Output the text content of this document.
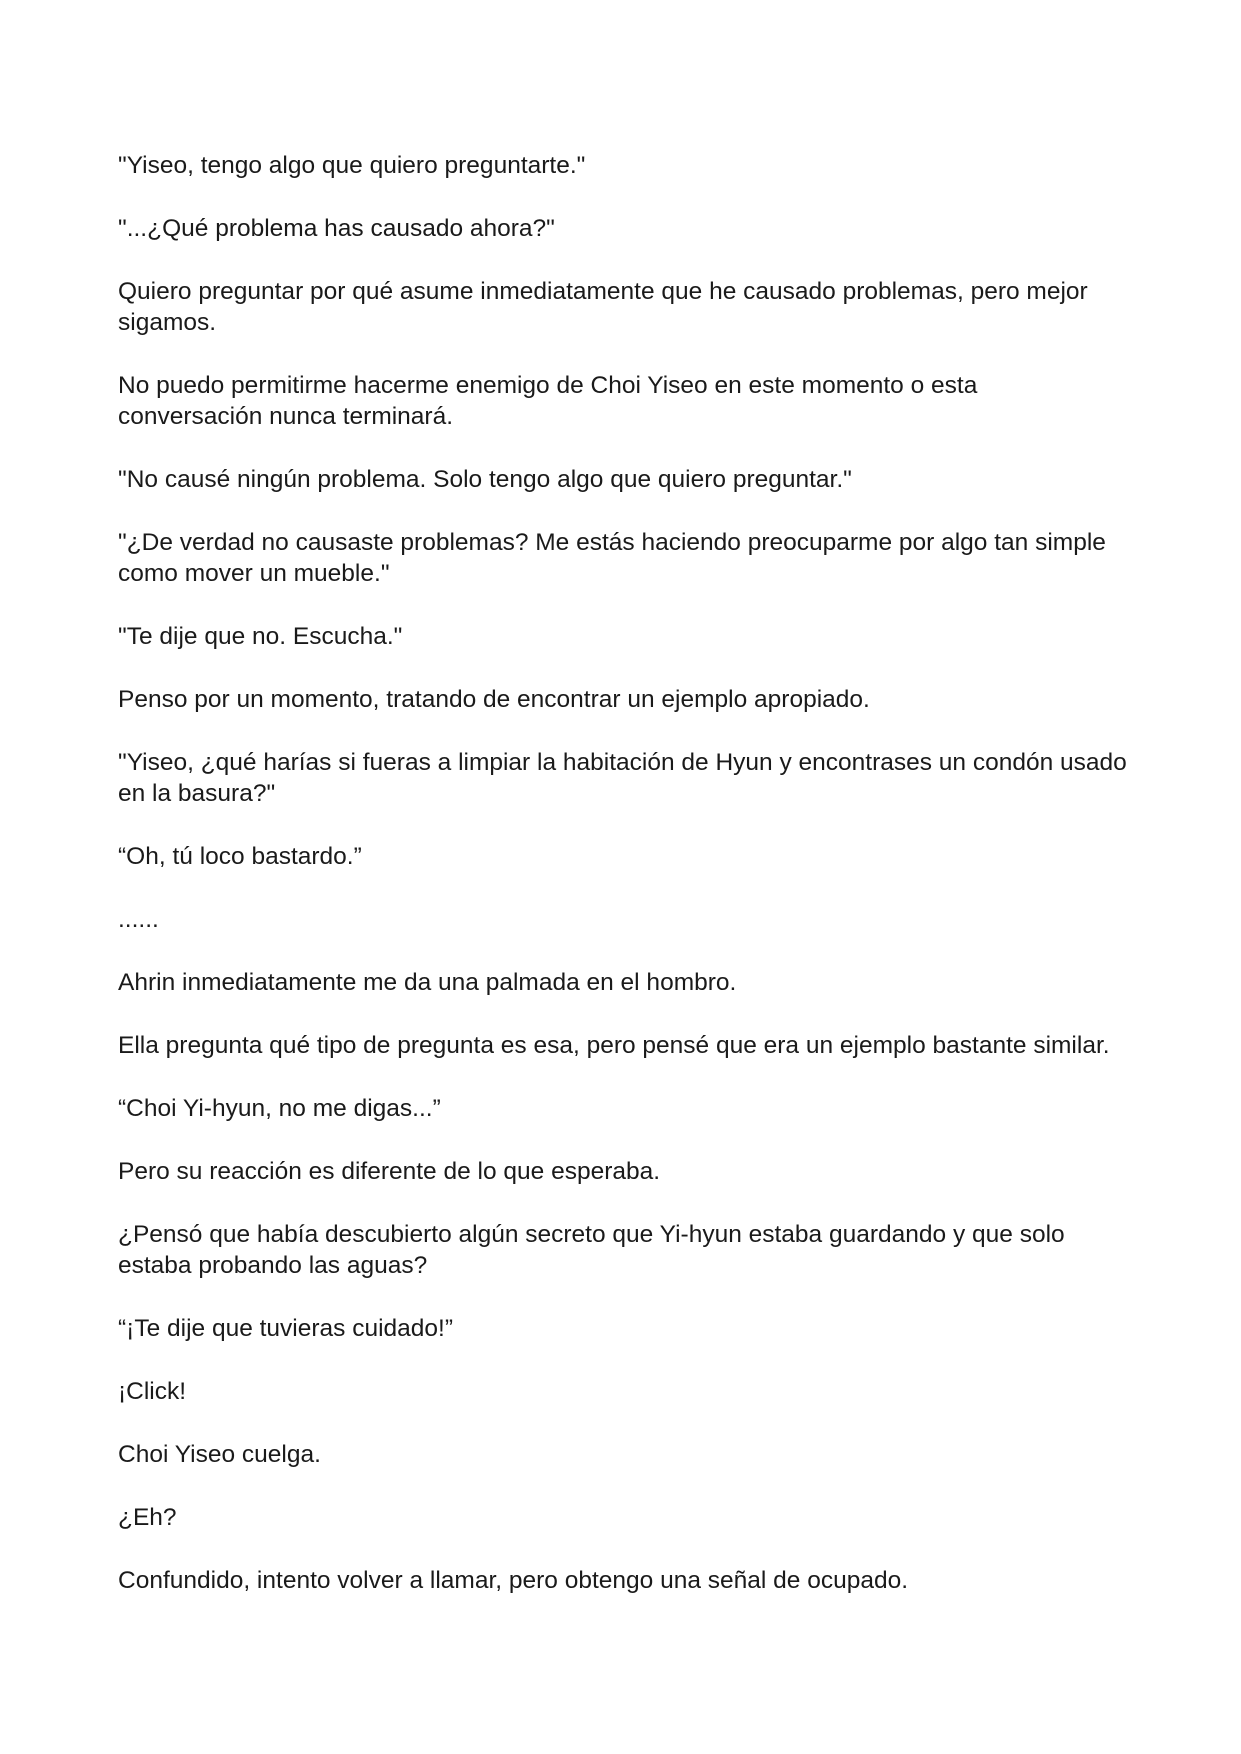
"Yiseo, tengo algo que quiero preguntarte."

"...¿Qué problema has causado ahora?"

Quiero preguntar por qué asume inmediatamente que he causado problemas, pero mejor sigamos.

No puedo permitirme hacerme enemigo de Choi Yiseo en este momento o esta conversación nunca terminará.

"No causé ningún problema. Solo tengo algo que quiero preguntar."

"¿De verdad no causaste problemas? Me estás haciendo preocuparme por algo tan simple como mover un mueble."

"Te dije que no. Escucha."

Penso por un momento, tratando de encontrar un ejemplo apropiado.

"Yiseo, ¿qué harías si fueras a limpiar la habitación de Hyun y encontrases un condón usado en la basura?"

“Oh, tú loco bastardo.”

......

Ahrin inmediatamente me da una palmada en el hombro.

Ella pregunta qué tipo de pregunta es esa, pero pensé que era un ejemplo bastante similar.

“Choi Yi-hyun, no me digas...”

Pero su reacción es diferente de lo que esperaba.

¿Pensó que había descubierto algún secreto que Yi-hyun estaba guardando y que solo estaba probando las aguas?

“¡Te dije que tuvieras cuidado!”

¡Click!

Choi Yiseo cuelga.

¿Eh?

Confundido, intento volver a llamar, pero obtengo una señal de ocupado.
